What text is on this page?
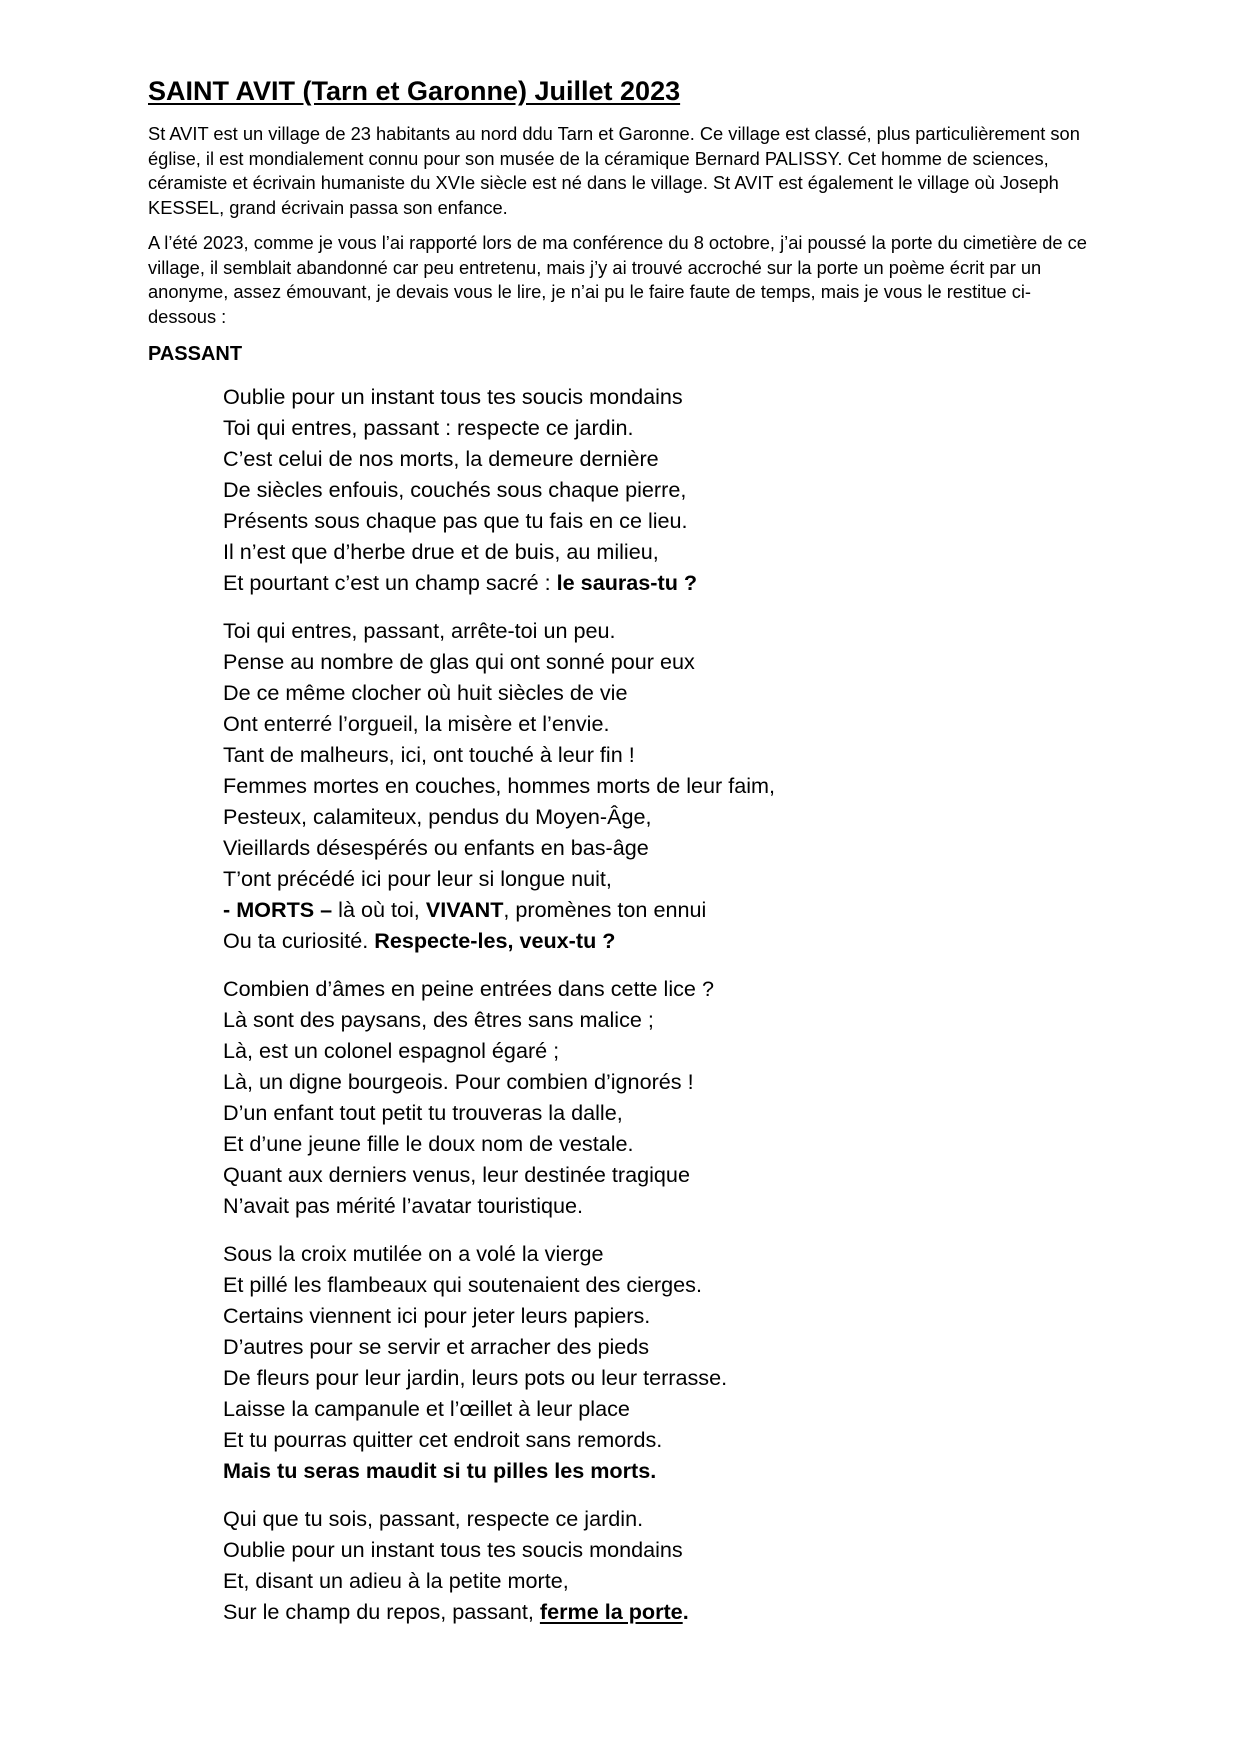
SAINT AVIT (Tarn et Garonne) Juillet 2023

St AVIT est un village de 23 habitants au nord ddu Tarn et Garonne. Ce village est classé, plus particulièrement son église, il est mondialement connu pour son musée de la céramique Bernard PALISSY. Cet homme de sciences, céramiste et écrivain humaniste du XVIe siècle est né dans le village. St AVIT est également le village où Joseph KESSEL, grand écrivain passa son enfance.

A l’été 2023, comme je vous l’ai rapporté lors de ma conférence du 8 octobre, j’ai poussé la porte du cimetière de ce village, il semblait abandonné car peu entretenu, mais j’y ai trouvé accroché sur la porte un poème écrit par un anonyme, assez émouvant, je devais vous le lire, je n’ai pu le faire faute de temps, mais je vous le restitue ci-dessous :

PASSANT
Oublie pour un instant tous tes soucis mondains
Toi qui entres, passant : respecte ce jardin.
C’est celui de nos morts, la demeure dernière
De siècles enfouis, couchés sous chaque pierre,
Présents sous chaque pas que tu fais en ce lieu.
Il n’est que d’herbe drue et de buis, au milieu,
Et pourtant c’est un champ sacré : le sauras-tu ?
Toi qui entres, passant, arrête-toi un peu.
Pense au nombre de glas qui ont sonné pour eux
De ce même clocher où huit siècles de vie
Ont enterré l’orgueil, la misère et l’envie.
Tant de malheurs, ici, ont touché à leur fin !
Femmes mortes en couches, hommes morts de leur faim,
Pesteux, calamiteux, pendus du Moyen-Âge,
Vieillards désespérés ou enfants en bas-âge
T’ont précédé ici pour leur si longue nuit,
- MORTS – là où toi, VIVANT, promènes ton ennui
Ou ta curiosité. Respecte-les, veux-tu ?
Combien d’âmes en peine entrées dans cette lice ?
Là sont des paysans, des êtres sans malice ;
Là, est un colonel espagnol égaré ;
Là, un digne bourgeois. Pour combien d’ignorés !
D’un enfant tout petit tu trouveras la dalle,
Et d’une jeune fille le doux nom de vestale.
Quant aux derniers venus, leur destinée tragique
N’avait pas mérité l’avatar touristique.
Sous la croix mutilée on a volé la vierge
Et pillé les flambeaux qui soutenaient des cierges.
Certains viennent ici pour jeter leurs papiers.
D’autres pour se servir et arracher des pieds
De fleurs pour leur jardin, leurs pots ou leur terrasse.
Laisse la campanule et l’œillet à leur place
Et tu pourras quitter cet endroit sans remords.
Mais tu seras maudit si tu pilles les morts.
Qui que tu sois, passant, respecte ce jardin.
Oublie pour un instant tous tes soucis mondains
Et, disant un adieu à la petite morte,
Sur le champ du repos, passant, ferme la porte.
